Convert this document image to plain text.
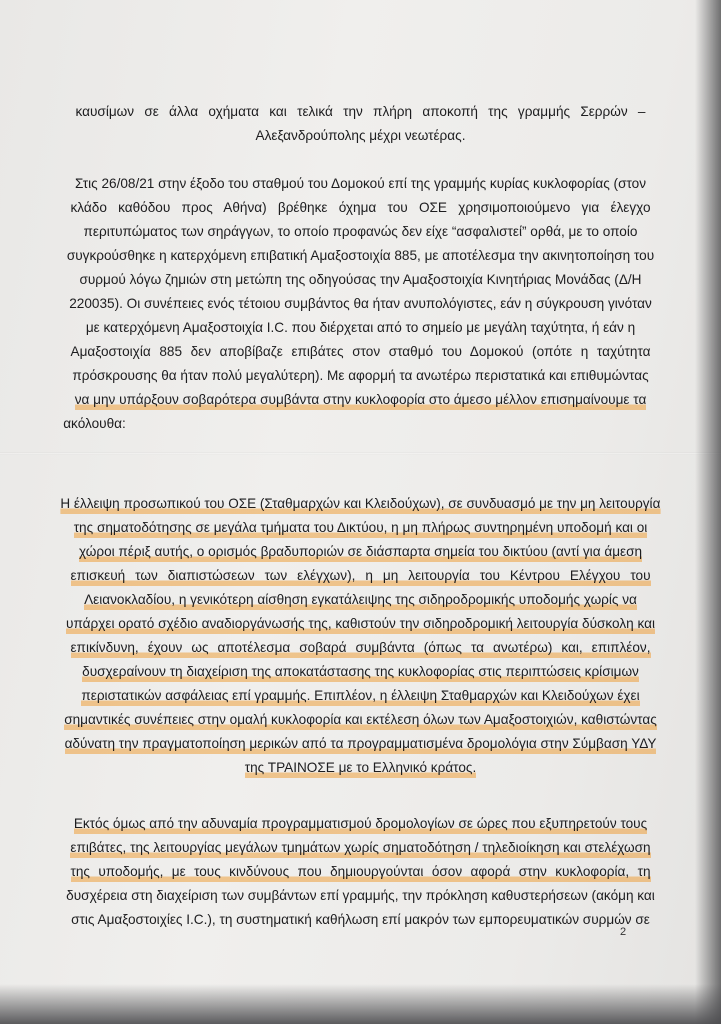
καυσίμων σε άλλα οχήματα και τελικά την πλήρη αποκοπή της γραμμής Σερρών –

Αλεξανδρούπολης μέχρι νεωτέρας.

Στις 26/08/21 στην έξοδο του σταθμού του Δομοκού επί της γραμμής κυρίας κυκλοφορίας (στον

κλάδο καθόδου προς Αθήνα) βρέθηκε όχημα του ΟΣΕ χρησιμοποιούμενο για έλεγχο

περιτυπώματος των σηράγγων, το οποίο προφανώς δεν είχε “ασφαλιστεί” ορθά, με το οποίο

συγκρούσθηκε η κατερχόμενη επιβατική Αμαξοστοιχία 885, με αποτέλεσμα την ακινητοποίηση του

συρμού λόγω ζημιών στη μετώπη της οδηγούσας την Αμαξοστοιχία Κινητήριας Μονάδας (Δ/Η

220035). Οι συνέπειες ενός τέτοιου συμβάντος θα ήταν ανυπολόγιστες, εάν η σύγκρουση γινόταν

με κατερχόμενη Αμαξοστοιχία I.C. που διέρχεται από το σημείο με μεγάλη ταχύτητα, ή εάν η

Αμαξοστοιχία 885 δεν αποβίβαζε επιβάτες στον σταθμό του Δομοκού (οπότε η ταχύτητα

πρόσκρουσης θα ήταν πολύ μεγαλύτερη). Με αφορμή τα ανωτέρω περιστατικά και επιθυμώντας

να μην υπάρξουν σοβαρότερα συμβάντα στην κυκλοφορία στο άμεσο μέλλον επισημαίνουμε τα

ακόλουθα:

Η έλλειψη προσωπικού του ΟΣΕ (Σταθμαρχών και Κλειδούχων), σε συνδυασμό με την μη λειτουργία

της σηματοδότησης σε μεγάλα τμήματα του Δικτύου, η μη πλήρως συντηρημένη υποδομή και οι

χώροι πέριξ αυτής, ο ορισμός βραδυποριών σε διάσπαρτα σημεία του δικτύου (αντί για άμεση

επισκευή των διαπιστώσεων των ελέγχων), η μη λειτουργία του Κέντρου Ελέγχου του

Λειανοκλαδίου, η γενικότερη αίσθηση εγκατάλειψης της σιδηροδρομικής υποδομής χωρίς να

υπάρχει ορατό σχέδιο αναδιοργάνωσής της, καθιστούν την σιδηροδρομική λειτουργία δύσκολη και

επικίνδυνη, έχουν ως αποτέλεσμα σοβαρά συμβάντα (όπως τα ανωτέρω) και, επιπλέον,

δυσχεραίνουν τη διαχείριση της αποκατάστασης της κυκλοφορίας στις περιπτώσεις κρίσιμων

περιστατικών ασφάλειας επί γραμμής. Επιπλέον, η έλλειψη Σταθμαρχών και Κλειδούχων έχει

σημαντικές συνέπειες στην ομαλή κυκλοφορία και εκτέλεση όλων των Αμαξοστοιχιών, καθιστώντας

αδύνατη την πραγματοποίηση μερικών από τα προγραμματισμένα δρομολόγια στην Σύμβαση ΥΔΥ

της ΤΡΑΙΝΟΣΕ με το Ελληνικό κράτος.

Εκτός όμως από την αδυναμία προγραμματισμού δρομολογίων σε ώρες που εξυπηρετούν τους

επιβάτες, της λειτουργίας μεγάλων τμημάτων χωρίς σηματοδότηση / τηλεδιοίκηση και στελέχωση

της υποδομής, με τους κινδύνους που δημιουργούνται όσον αφορά στην κυκλοφορία, τη

δυσχέρεια στη διαχείριση των συμβάντων επί γραμμής, την πρόκληση καθυστερήσεων (ακόμη και

στις Αμαξοστοιχίες I.C.), τη συστηματική καθήλωση επί μακρόν των εμπορευματικών συρμών σε

2
